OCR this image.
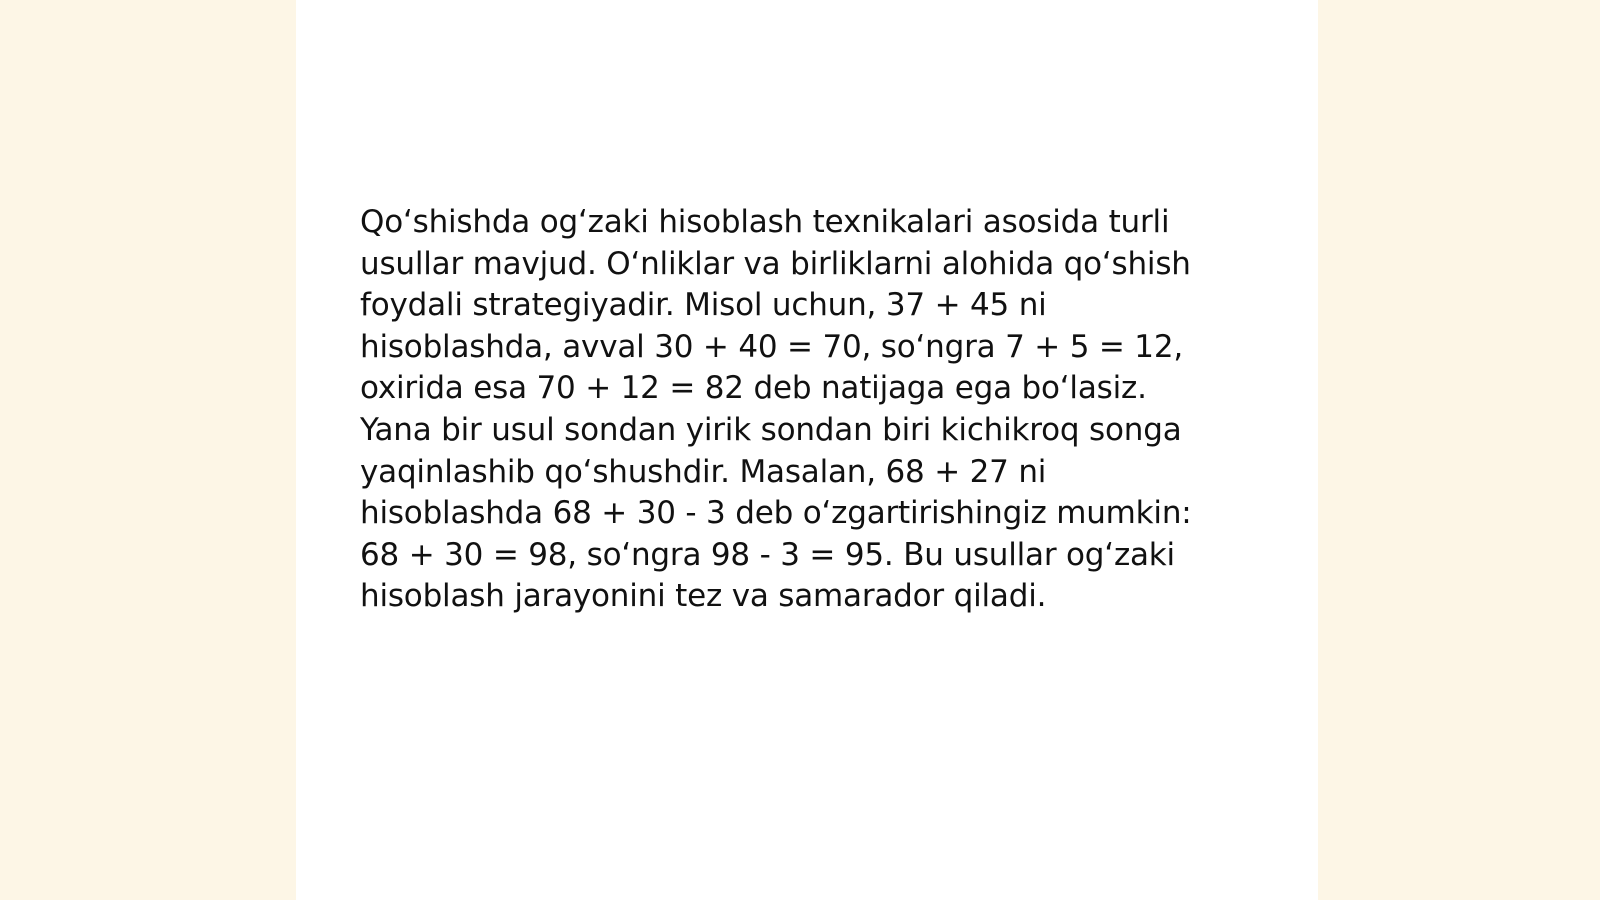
Qo‘shishda og‘zaki hisoblash texnikalari asosida turli
usullar mavjud. O‘nliklar va birliklarni alohida qo‘shish
foydali strategiyadir. Misol uchun, 37 + 45 ni
hisoblashda, avval 30 + 40 = 70, so‘ngra 7 + 5 = 12,
oxirida esa 70 + 12 = 82 deb natijaga ega bo‘lasiz.
Yana bir usul sondan yirik sondan biri kichikroq songa
yaqinlashib qo‘shushdir. Masalan, 68 + 27 ni
hisoblashda 68 + 30 - 3 deb o‘zgartirishingiz mumkin:
68 + 30 = 98, so‘ngra 98 - 3 = 95. Bu usullar og‘zaki
hisoblash jarayonini tez va samarador qiladi.
